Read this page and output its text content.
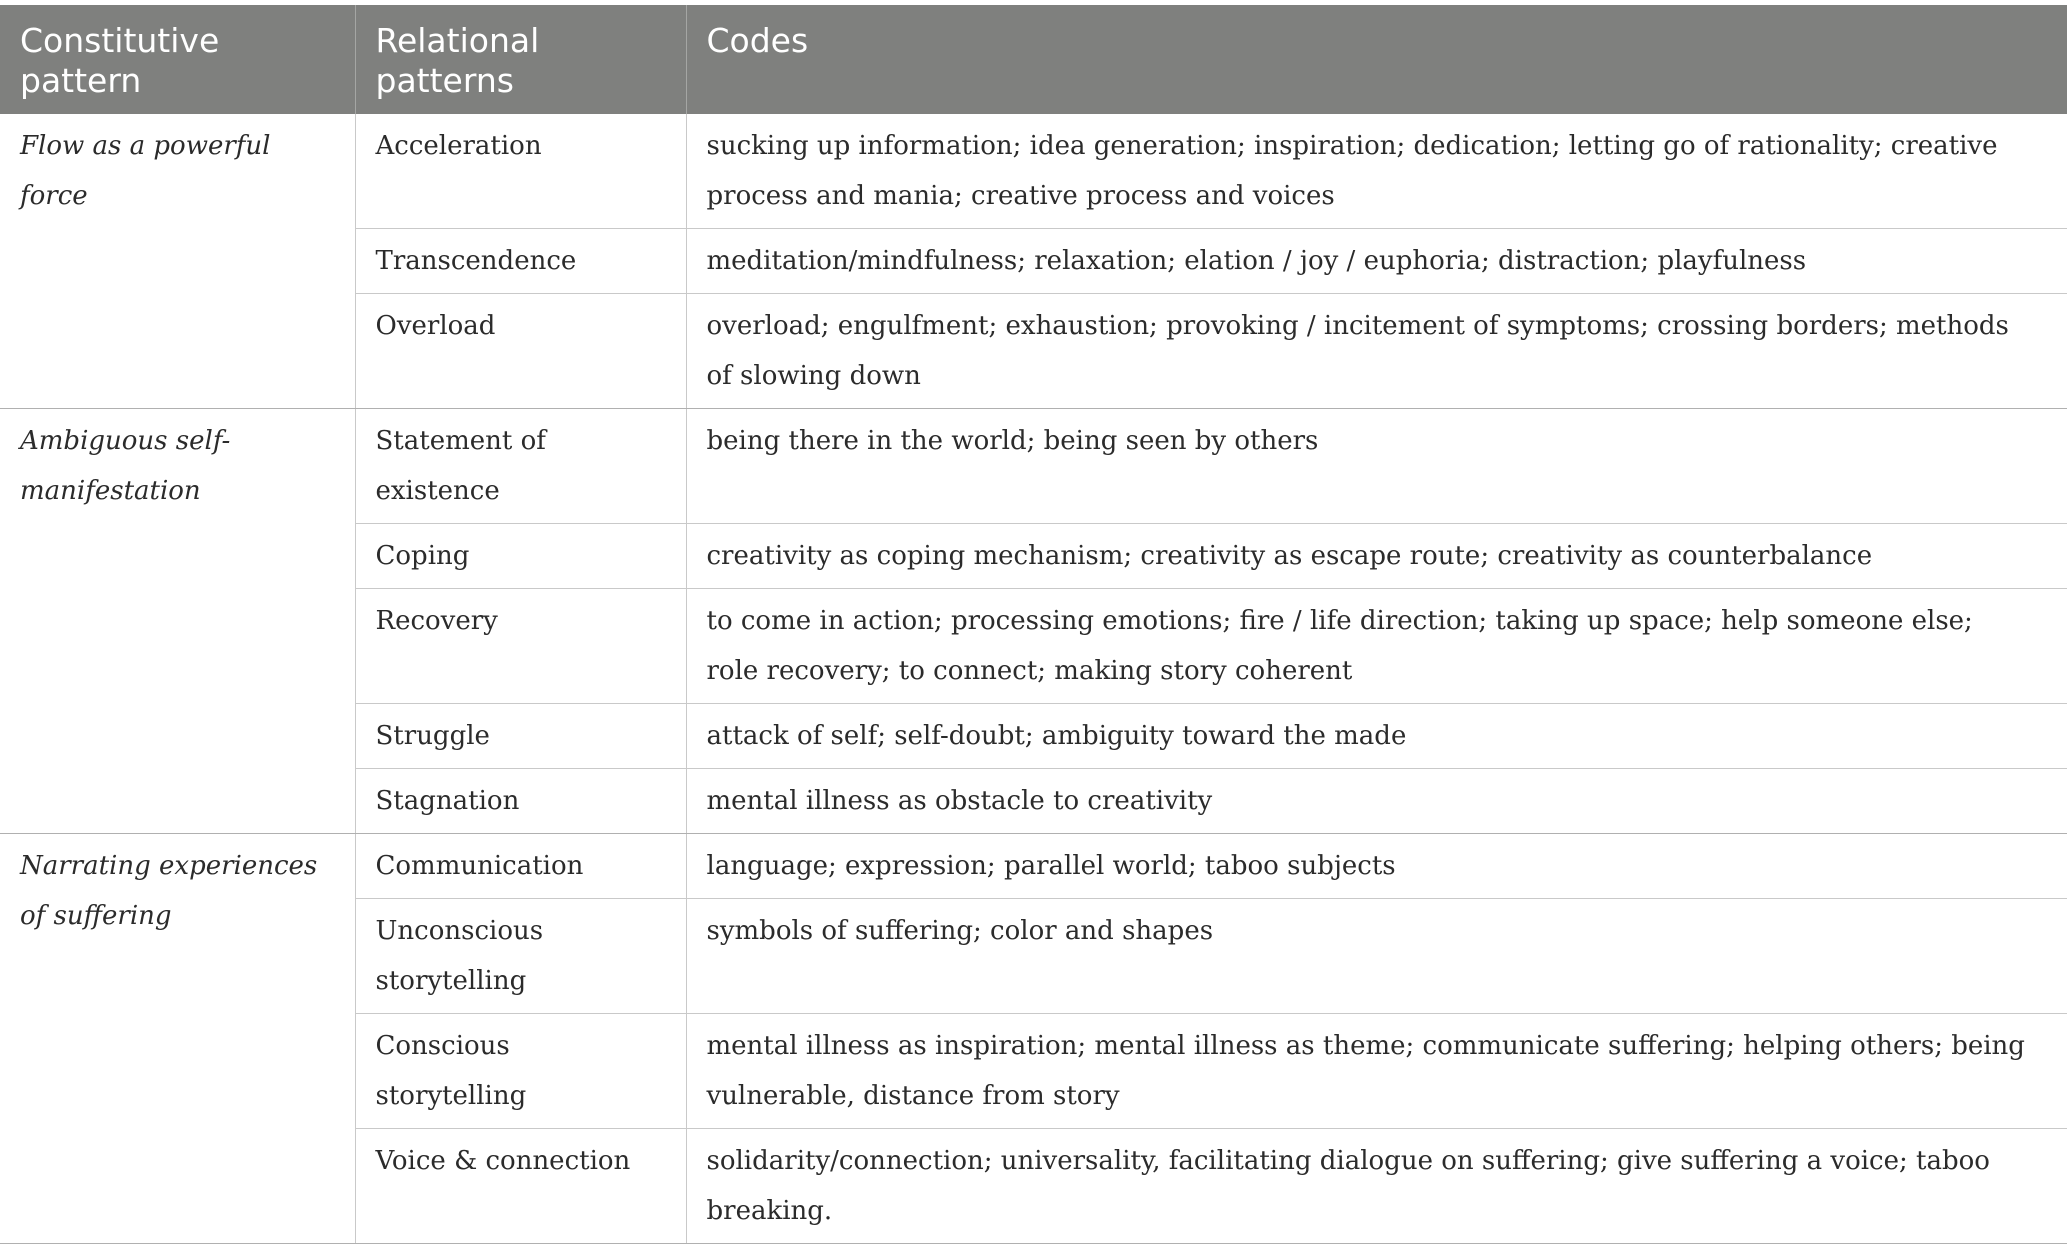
Constitutive pattern	Relational patterns	Codes
Flow as a powerful force	Acceleration	sucking up information; idea generation; inspiration; dedication; letting go of rationality; creative process and mania; creative process and voices
	Transcendence	meditation/mindfulness; relaxation; elation / joy / euphoria; distraction; playfulness
	Overload	overload; engulfment; exhaustion; provoking / incitement of symptoms; crossing borders; methods of slowing down
Ambiguous self-manifestation	Statement of existence	being there in the world; being seen by others
	Coping	creativity as coping mechanism; creativity as escape route; creativity as counterbalance
	Recovery	to come in action; processing emotions; fire / life direction; taking up space; help someone else; role recovery; to connect; making story coherent
	Struggle	attack of self; self-doubt; ambiguity toward the made
	Stagnation	mental illness as obstacle to creativity
Narrating experiences of suffering	Communication	language; expression; parallel world; taboo subjects
	Unconscious storytelling	symbols of suffering; color and shapes
	Conscious storytelling	mental illness as inspiration; mental illness as theme; communicate suffering; helping others; being vulnerable, distance from story
	Voice & connection	solidarity/connection; universality, facilitating dialogue on suffering; give suffering a voice; taboo breaking.
